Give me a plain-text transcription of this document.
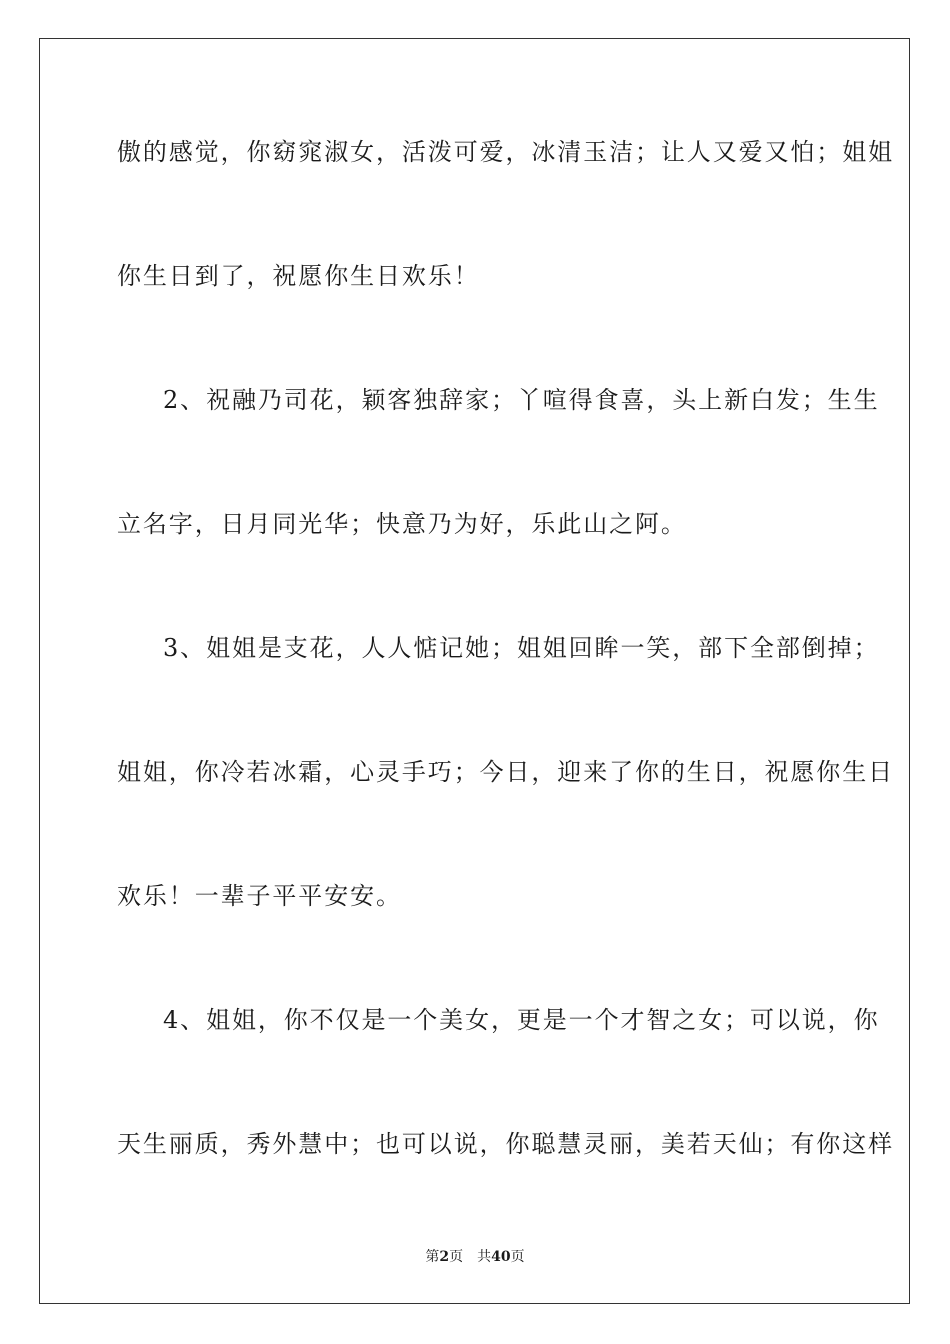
傲的感觉，你窈窕淑女，活泼可爱，冰清玉洁；让人又爱又怕；姐姐
你生日到了，祝愿你生日欢乐！
2、祝融乃司花，颖客独辞家；丫喧得食喜，头上新白发；生生
立名字，日月同光华；快意乃为好，乐此山之阿。
3、姐姐是支花，人人惦记她；姐姐回眸一笑，部下全部倒掉；
姐姐，你冷若冰霜，心灵手巧；今日，迎来了你的生日，祝愿你生日
欢乐！一辈子平平安安。
4、姐姐，你不仅是一个美女，更是一个才智之女；可以说，你
天生丽质，秀外慧中；也可以说，你聪慧灵丽，美若天仙；有你这样
第2页 共40页
